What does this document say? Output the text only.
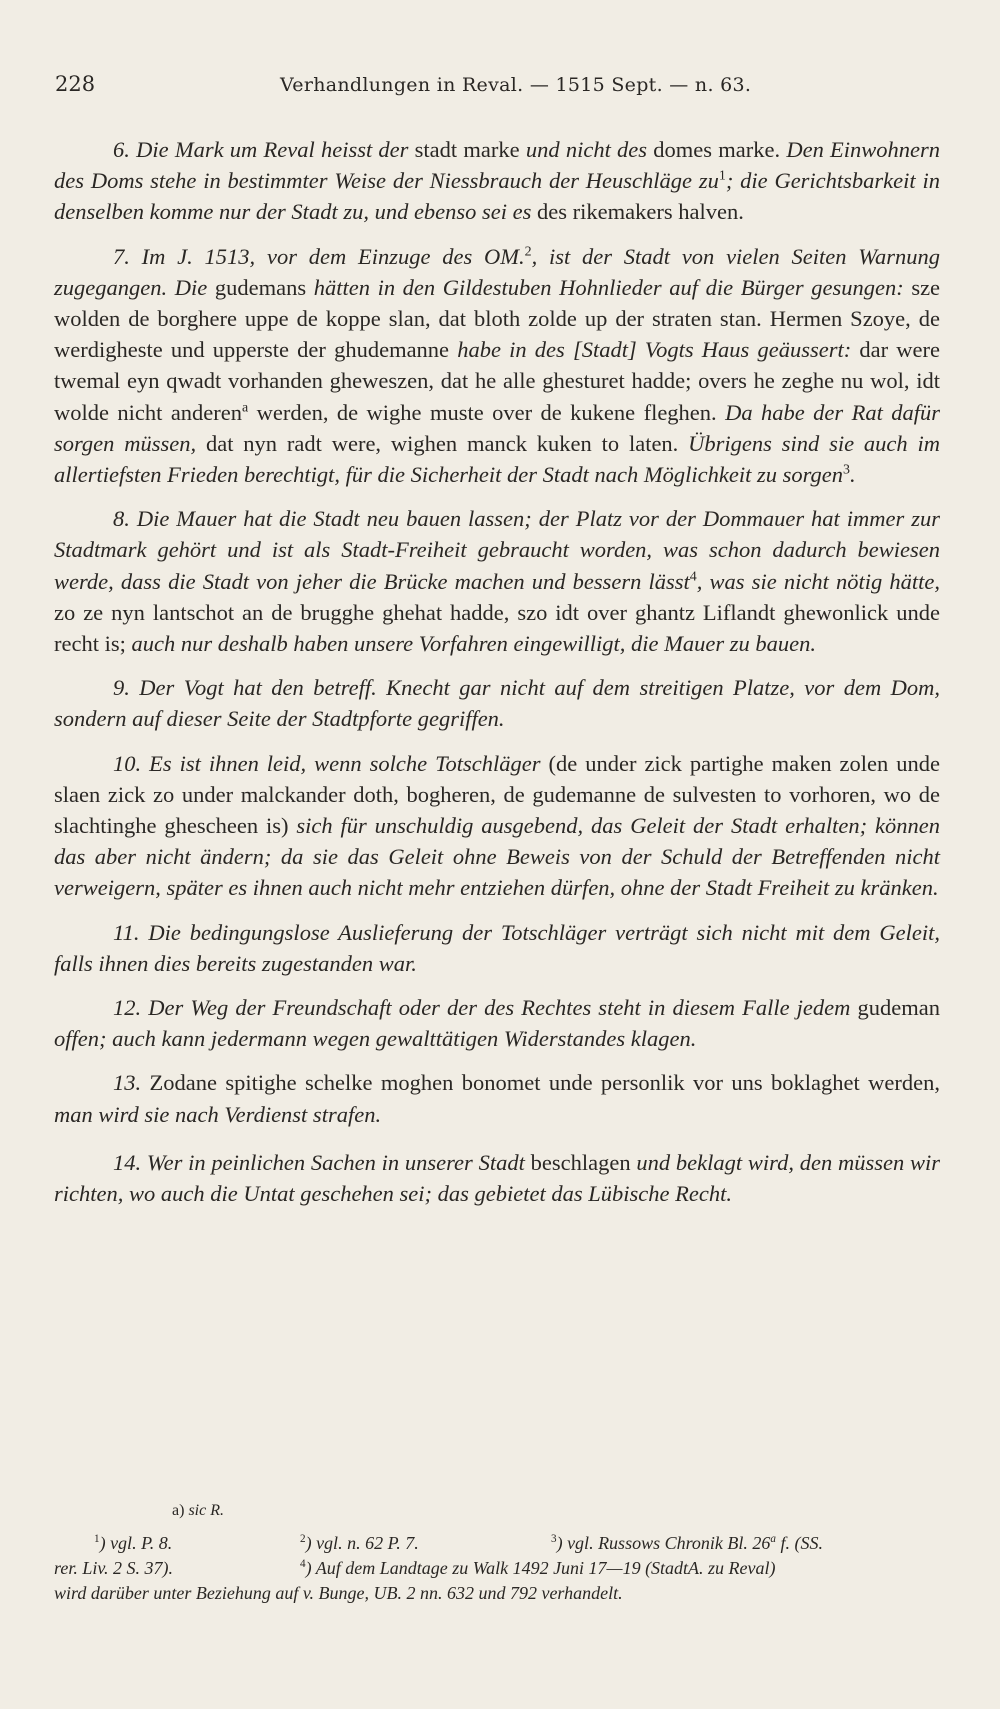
228	Verhandlungen in Reval. — 1515 Sept. — n. 63.

6. Die Mark um Reval heisst der stadt marke und nicht des domes marke. Den Einwohnern des Doms stehe in bestimmter Weise der Niessbrauch der Heuschläge $zu^1$; die Gerichtsbarkeit in denselben komme nur der Stadt zu, und ebenso sei es des rikemakers halven.

7. Im J. 1513, vor dem Einzuge des OM.$^2$, ist der Stadt von vielen Seiten Warnung zugegangen. Die gudemans hätten in den Gildestuben Hohnlieder auf die Bürger gesungen: sze wolden de borghere uppe de koppe slan, dat bloth zolde up der straten stan. Hermen Szoye, de werdigheste und upperste der ghudemanne habe in des [Stadt] Vogts Haus geäussert: dar were twemal eyn qwadt vorhanden gheweszen, dat he alle ghesturet hadde; overs he zeghe nu wol, idt wolde nicht anderen$^a$ werden, de wighe muste over de kukene fleghen. Da habe der Rat dafür sorgen müssen, dat nyn radt were, wighen manck kuken to laten. Übrigens sind sie auch im allertiefsten Frieden berechtigt, für die Sicherheit der Stadt nach Möglichkeit zu sorgen$^3$.

8. Die Mauer hat die Stadt neu bauen lassen; der Platz vor der Dommauer hat immer zur Stadtmark gehört und ist als Stadt-Freiheit gebraucht worden, was schon dadurch bewiesen werde, dass die Stadt von jeher die Brücke machen und bessern lässt$^4$, was sie nicht nötig hätte, zo ze nyn lantschot an de brugghe ghehat hadde, szo idt over ghantz Liflandt ghewonlick unde recht is; auch nur deshalb haben unsere Vorfahren eingewilligt, die Mauer zu bauen.

9. Der Vogt hat den betreff. Knecht gar nicht auf dem streitigen Platze, vor dem Dom, sondern auf dieser Seite der Stadtpforte gegriffen.

10. Es ist ihnen leid, wenn solche Totschläger (de under zick partighe maken zolen unde slaen zick zo under malckander doth, bogheren, de gudemanne de sulvesten to vorhoren, wo de slachtinghe ghescheen is) sich für unschuldig ausgebend, das Geleit der Stadt erhalten; können das aber nicht ändern; da sie das Geleit ohne Beweis von der Schuld der Betreffenden nicht verweigern, später es ihnen auch nicht mehr entziehen dürfen, ohne der Stadt Freiheit zu kränken.

11. Die bedingungslose Auslieferung der Totschläger verträgt sich nicht mit dem Geleit, falls ihnen dies bereits zugestanden war.

12. Der Weg der Freundschaft oder der des Rechtes steht in diesem Falle jedem gudeman offen; auch kann jedermann wegen gewalttätigen Widerstandes klagen.

13. Zodane spitighe schelke moghen bonomet unde personlik vor uns boklaghet werden, man wird sie nach Verdienst strafen.

14. Wer in peinlichen Sachen in unserer Stadt beschlagen und beklagt wird, den müssen wir richten, wo auch die Untat geschehen sei; das gebietet das Lübische Recht.

a) sic R.
$^1$) vgl. P. 8.	$^2$) vgl. n. 62 P. 7.	$^3$) vgl. Russows Chronik Bl. 26$^a$ f. (SS.
rer. Liv. 2 S. 37).	$^4$) Auf dem Landtage zu Walk 1492 Juni 17—19 (StadtA. zu Reval)
wird darüber unter Beziehung auf v. Bunge, UB. 2 nn. 632 und 792 verhandelt.
